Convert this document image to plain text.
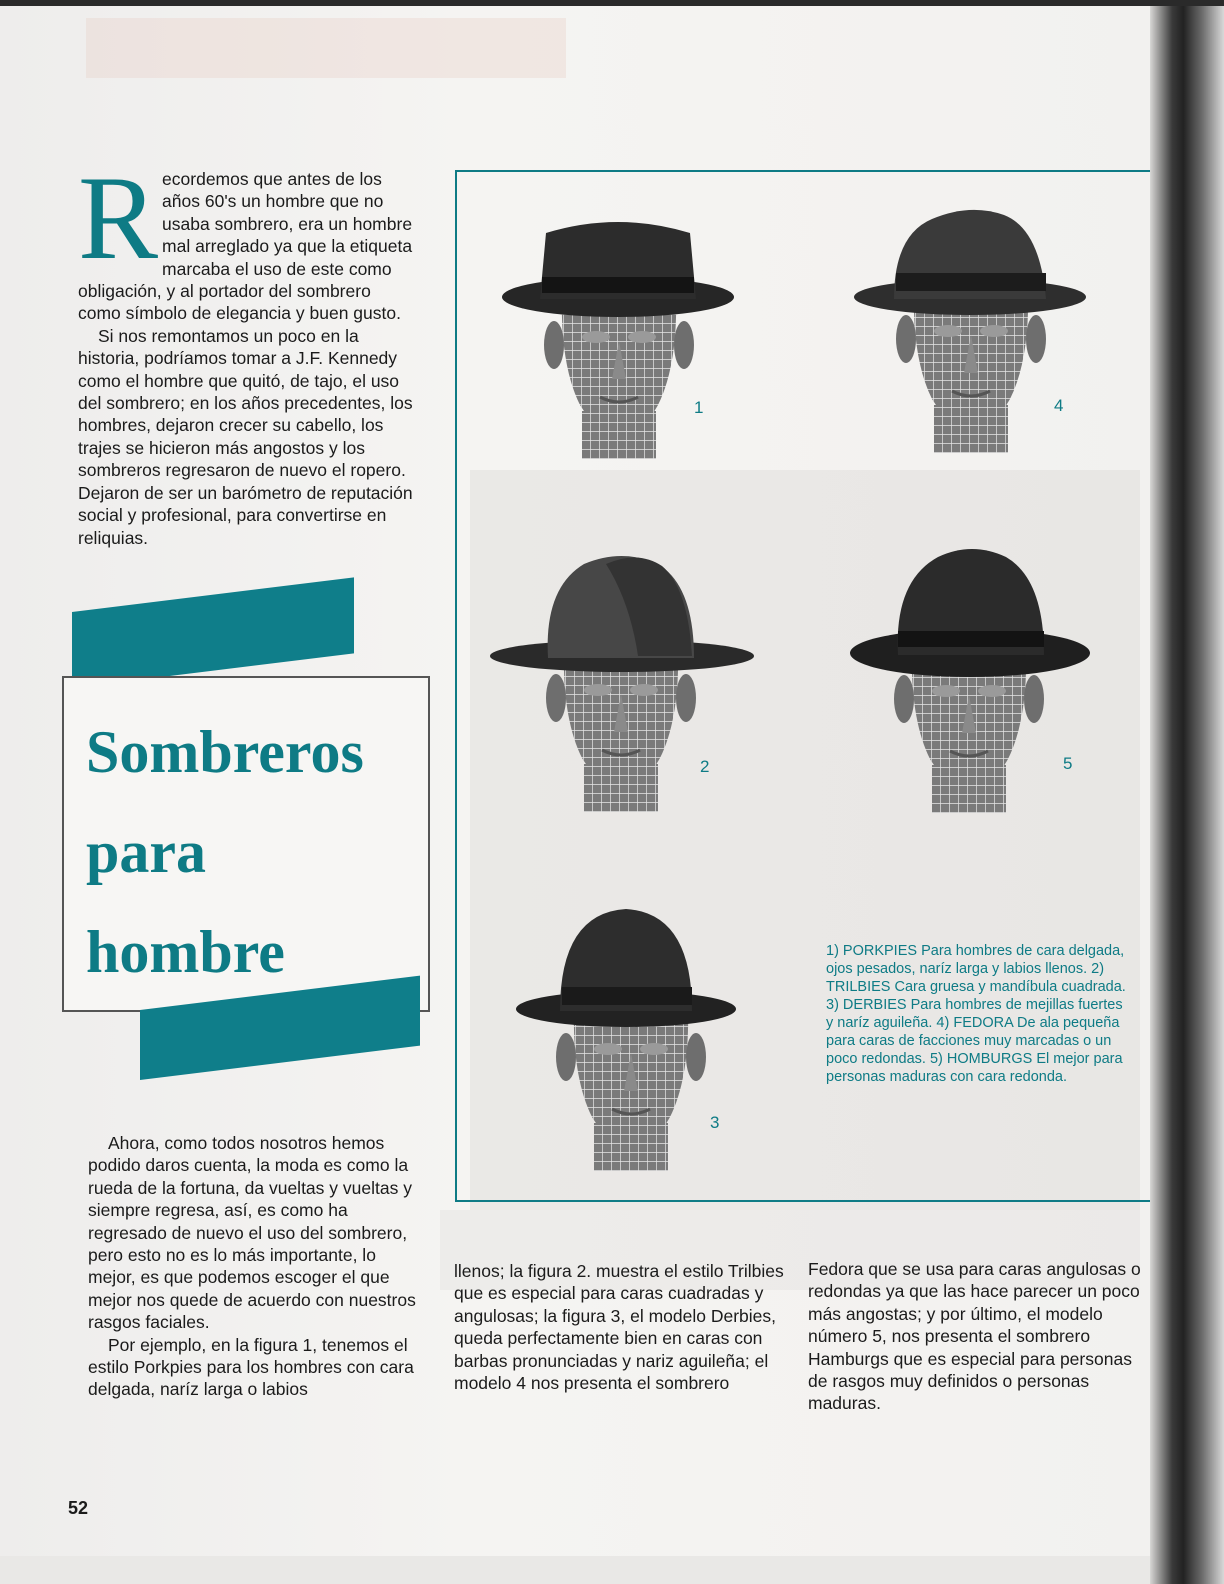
R ecordemos que antes de los años 60's un hombre que no usaba sombrero, era un hombre mal arreglado ya que la etiqueta marcaba el uso de este como obligación, y al portador del sombrero como símbolo de elegancia y buen gusto.

Si nos remontamos un poco en la historia, podríamos tomar a J.F. Kennedy como el hombre que quitó, de tajo, el uso del sombrero; en los años precedentes, los hombres, dejaron crecer su cabello, los trajes se hicieron más angostos y los sombreros regresaron de nuevo el ropero. Dejaron de ser un barómetro de reputación social y profesional, para convertirse en reliquias.

Sombreros
para
hombre
1	4
2	5
3
1) PORKPIES Para hombres de cara delgada, ojos pesados, naríz larga y labios llenos. 2) TRILBIES Cara gruesa y mandíbula cuadrada. 3) DERBIES Para hombres de mejillas fuertes y naríz aguileña. 4) FEDORA De ala pequeña para caras de facciones muy marcadas o un poco redondas. 5) HOMBURGS El mejor para personas maduras con cara redonda.

Ahora, como todos nosotros hemos podido daros cuenta, la moda es como la rueda de la fortuna, da vueltas y vueltas y siempre regresa, así, es como ha regresado de nuevo el uso del sombrero, pero esto no es lo más importante, lo mejor, es que podemos escoger el que mejor nos quede de acuerdo con nuestros rasgos faciales.

Por ejemplo, en la figura 1, tenemos el estilo Porkpies para los hombres con cara delgada, naríz larga o labios

llenos; la figura 2. muestra el estilo Trilbies que es especial para caras cuadradas y angulosas; la figura 3, el modelo Derbies, queda perfectamente bien en caras con barbas pronunciadas y nariz aguileña; el modelo 4 nos presenta el sombrero

Fedora que se usa para caras angulosas o redondas ya que las hace parecer un poco más angostas; y por último, el modelo número 5, nos presenta el sombrero Hamburgs que es especial para personas de rasgos muy definidos o personas maduras.

52
